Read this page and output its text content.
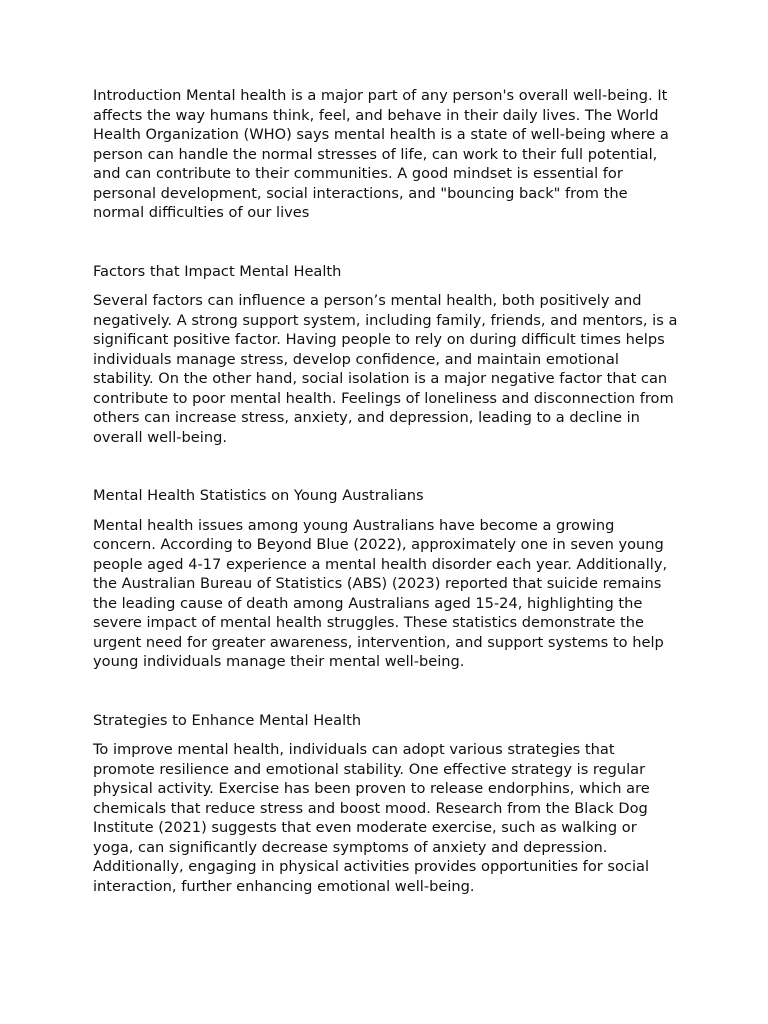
Introduction Mental health is a major part of any person's overall well-being. It affects the way humans think, feel, and behave in their daily lives. The World Health Organization (WHO) says mental health is a state of well-being where a person can handle the normal stresses of life, can work to their full potential, and can contribute to their communities. A good mindset is essential for personal development, social interactions, and "bouncing back" from the normal difficulties of our lives

Factors that Impact Mental Health

Several factors can influence a person’s mental health, both positively and negatively. A strong support system, including family, friends, and mentors, is a significant positive factor. Having people to rely on during difficult times helps individuals manage stress, develop confidence, and maintain emotional stability. On the other hand, social isolation is a major negative factor that can contribute to poor mental health. Feelings of loneliness and disconnection from others can increase stress, anxiety, and depression, leading to a decline in overall well-being.

Mental Health Statistics on Young Australians

Mental health issues among young Australians have become a growing concern. According to Beyond Blue (2022), approximately one in seven young people aged 4-17 experience a mental health disorder each year. Additionally, the Australian Bureau of Statistics (ABS) (2023) reported that suicide remains the leading cause of death among Australians aged 15-24, highlighting the severe impact of mental health struggles. These statistics demonstrate the urgent need for greater awareness, intervention, and support systems to help young individuals manage their mental well-being.

Strategies to Enhance Mental Health

To improve mental health, individuals can adopt various strategies that promote resilience and emotional stability. One effective strategy is regular physical activity. Exercise has been proven to release endorphins, which are chemicals that reduce stress and boost mood. Research from the Black Dog Institute (2021) suggests that even moderate exercise, such as walking or yoga, can significantly decrease symptoms of anxiety and depression. Additionally, engaging in physical activities provides opportunities for social interaction, further enhancing emotional well-being.
